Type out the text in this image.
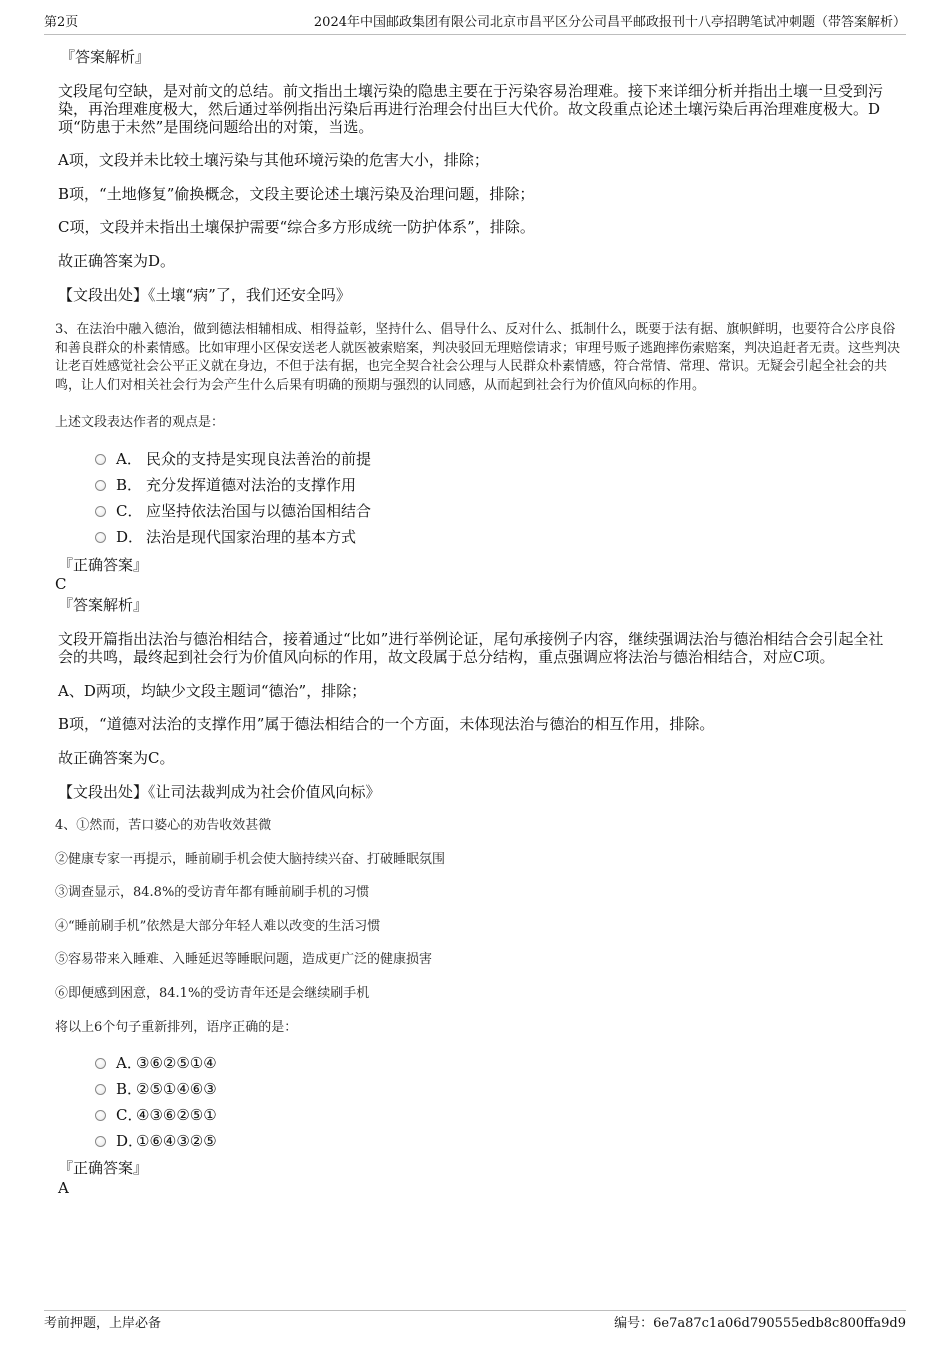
第2页	2024年中国邮政集团有限公司北京市昌平区分公司昌平邮政报刊十八亭招聘笔试冲刺题（带答案解析）
『答案解析』
文段尾句空缺，是对前文的总结。前文指出土壤污染的隐患主要在于污染容易治理难。接下来详细分析并指出土壤一旦受到污染，再治理难度极大，然后通过举例指出污染后再进行治理会付出巨大代价。故文段重点论述土壤污染后再治理难度极大。D项“防患于未然”是围绕问题给出的对策，当选。
A项，文段并未比较土壤污染与其他环境污染的危害大小，排除；
B项，“土地修复”偷换概念，文段主要论述土壤污染及治理问题，排除；
C项，文段并未指出土壤保护需要“综合多方形成统一防护体系”，排除。
故正确答案为D。
【文段出处】《土壤“病”了，我们还安全吗》
3、在法治中融入德治，做到德法相辅相成、相得益彰，坚持什么、倡导什么、反对什么、抵制什么，既要于法有据、旗帜鲜明，也要符合公序良俗和善良群众的朴素情感。比如审理小区保安送老人就医被索赔案，判决驳回无理赔偿请求；审理号贩子逃跑摔伤索赔案，判决追赶者无责。这些判决让老百姓感觉社会公平正义就在身边，不但于法有据，也完全契合社会公理与人民群众朴素情感，符合常情、常理、常识。无疑会引起全社会的共鸣，让人们对相关社会行为会产生什么后果有明确的预期与强烈的认同感，从而起到社会行为价值风向标的作用。
上述文段表达作者的观点是：
A． 民众的支持是实现良法善治的前提
B． 充分发挥道德对法治的支撑作用
C． 应坚持依法治国与以德治国相结合
D． 法治是现代国家治理的基本方式
『正确答案』
C
『答案解析』
文段开篇指出法治与德治相结合，接着通过“比如”进行举例论证，尾句承接例子内容，继续强调法治与德治相结合会引起全社会的共鸣，最终起到社会行为价值风向标的作用，故文段属于总分结构，重点强调应将法治与德治相结合，对应C项。
A、D两项，均缺少文段主题词“德治”，排除；
B项，“道德对法治的支撑作用”属于德法相结合的一个方面，未体现法治与德治的相互作用，排除。
故正确答案为C。
【文段出处】《让司法裁判成为社会价值风向标》
4、①然而，苦口婆心的劝告收效甚微
②健康专家一再提示，睡前刷手机会使大脑持续兴奋、打破睡眠氛围
③调查显示，84.8%的受访青年都有睡前刷手机的习惯
④“睡前刷手机”依然是大部分年轻人难以改变的生活习惯
⑤容易带来入睡难、入睡延迟等睡眠问题，造成更广泛的健康损害
⑥即便感到困意，84.1%的受访青年还是会继续刷手机
将以上6个句子重新排列，语序正确的是：
A．③⑥②⑤①④
B．②⑤①④⑥③
C．④③⑥②⑤①
D．①⑥④③②⑤
『正确答案』
A
考前押题，上岸必备	编号：6e7a87c1a06d790555edb8c800ffa9d9
